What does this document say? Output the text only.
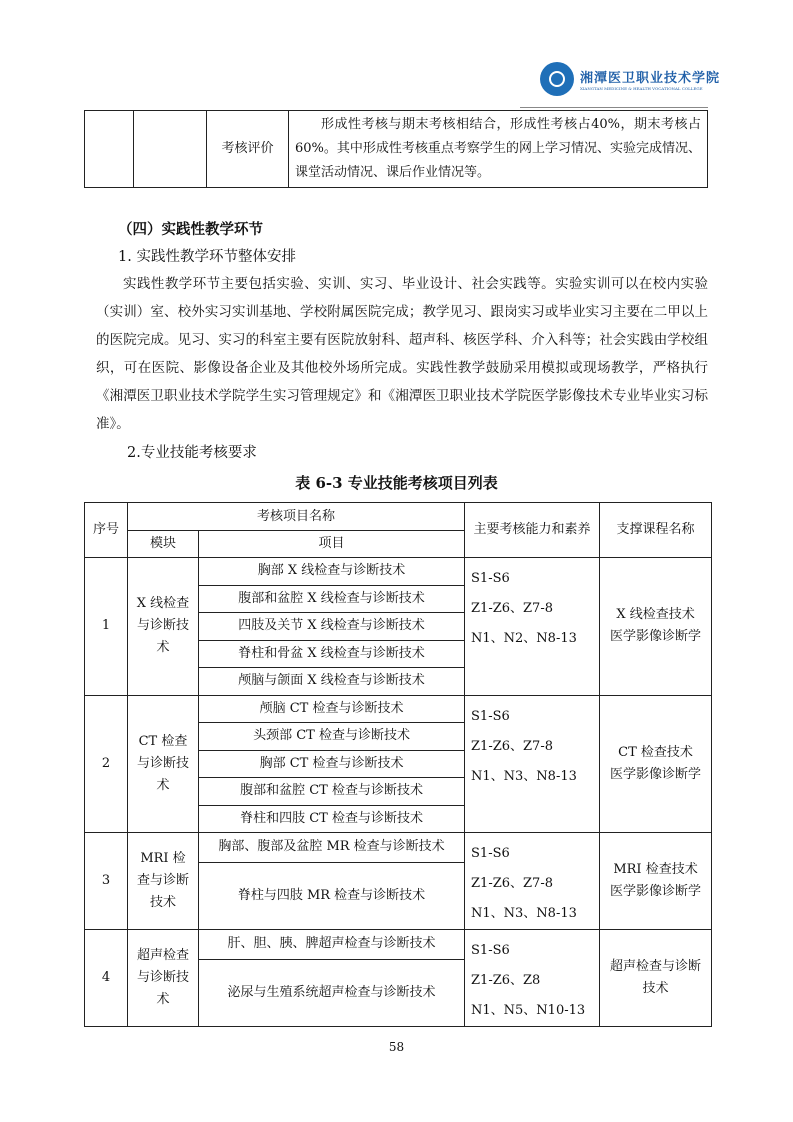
湘潭医卫职业技术学院
XIANGTAN MEDICINE & HEALTH VOCATIONAL COLLEGE
		考核评价	形成性考核与期末考核相结合，形成性考核占40%，期末考核占60%。其中形成性考核重点考察学生的网上学习情况、实验完成情况、课堂活动情况、课后作业情况等。
（四）实践性教学环节
1. 实践性教学环节整体安排
实践性教学环节主要包括实验、实训、实习、毕业设计、社会实践等。实验实训可以在校内实验（实训）室、校外实习实训基地、学校附属医院完成；教学见习、跟岗实习或毕业实习主要在二甲以上的医院完成。见习、实习的科室主要有医院放射科、超声科、核医学科、介入科等；社会实践由学校组织，可在医院、影像设备企业及其他校外场所完成。实践性教学鼓励采用模拟或现场教学，严格执行《湘潭医卫职业技术学院学生实习管理规定》和《湘潭医卫职业技术学院医学影像技术专业毕业实习标准》。
2.专业技能考核要求
表 6-3 专业技能考核项目列表
序号	考核项目名称		主要考核能力和素养	支撑课程名称
	模块	项目		
1	X 线检查与诊断技术	胸部 X 线检查与诊断技术	S1-S6
Z1-Z6、Z7-8
N1、N2、N8-13	X 线检查技术 医学影像诊断学
		腹部和盆腔 X 线检查与诊断技术		
		四肢及关节 X 线检查与诊断技术		
		脊柱和骨盆 X 线检查与诊断技术		
		颅脑与颌面 X 线检查与诊断技术		
2	CT 检查与诊断技术	颅脑 CT 检查与诊断技术	S1-S6
Z1-Z6、Z7-8
N1、N3、N8-13	CT 检查技术 医学影像诊断学
		头颈部 CT 检查与诊断技术		
		胸部 CT 检查与诊断技术		
		腹部和盆腔 CT 检查与诊断技术		
		脊柱和四肢 CT 检查与诊断技术		
3	MRI 检查与诊断技术	胸部、腹部及盆腔 MR 检查与诊断技术	S1-S6
Z1-Z6、Z7-8
N1、N3、N8-13	MRI 检查技术 医学影像诊断学
		脊柱与四肢 MR 检查与诊断技术		
4	超声检查与诊断技术	肝、胆、胰、脾超声检查与诊断技术	S1-S6
Z1-Z6、Z8
N1、N5、N10-13	超声检查与诊断技术
		泌尿与生殖系统超声检查与诊断技术		
58
